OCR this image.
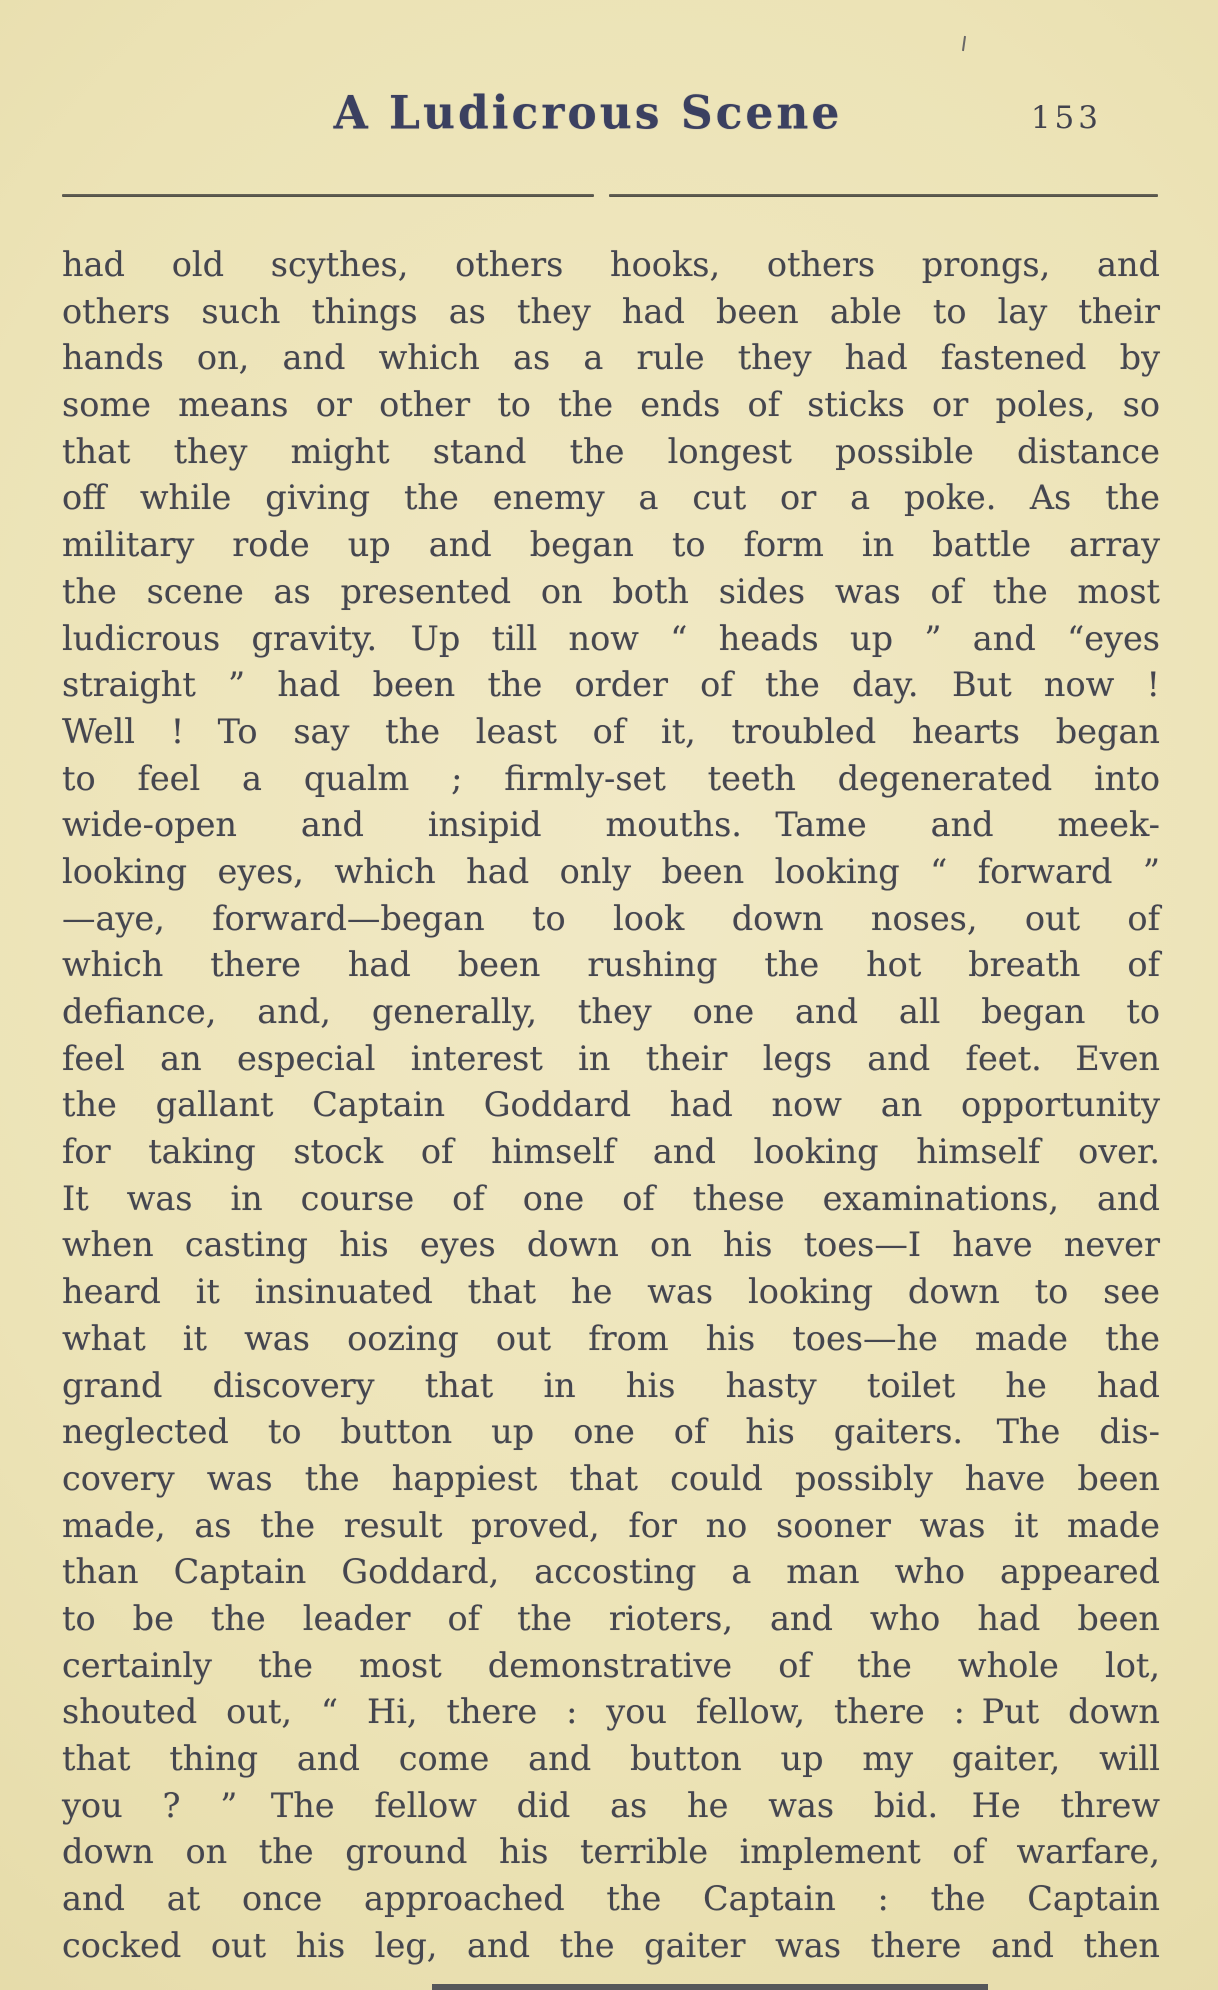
A Ludicrous Scene	153
had old scythes, others hooks, others prongs, and
others such things as they had been able to lay their
hands on, and which as a rule they had fastened by
some means or other to the ends of sticks or poles, so
that they might stand the longest possible distance
off while giving the enemy a cut or a poke. As the
military rode up and began to form in battle array
the scene as presented on both sides was of the most
ludicrous gravity. Up till now “ heads up ” and “eyes
straight ” had been the order of the day. But now !
Well ! To say the least of it, troubled hearts began
to feel a qualm ; firmly-set teeth degenerated into
wide-open and insipid mouths. Tame and meek-
looking eyes, which had only been looking “ forward ”
—aye, forward—began to look down noses, out of
which there had been rushing the hot breath of
defiance, and, generally, they one and all began to
feel an especial interest in their legs and feet. Even
the gallant Captain Goddard had now an opportunity
for taking stock of himself and looking himself over.
It was in course of one of these examinations, and
when casting his eyes down on his toes—I have never
heard it insinuated that he was looking down to see
what it was oozing out from his toes—he made the
grand discovery that in his hasty toilet he had
neglected to button up one of his gaiters. The dis-
covery was the happiest that could possibly have been
made, as the result proved, for no sooner was it made
than Captain Goddard, accosting a man who appeared
to be the leader of the rioters, and who had been
certainly the most demonstrative of the whole lot,
shouted out, “ Hi, there : you fellow, there : Put down
that thing and come and button up my gaiter, will
you ? ” The fellow did as he was bid. He threw
down on the ground his terrible implement of warfare,
and at once approached the Captain : the Captain
cocked out his leg, and the gaiter was there and then
